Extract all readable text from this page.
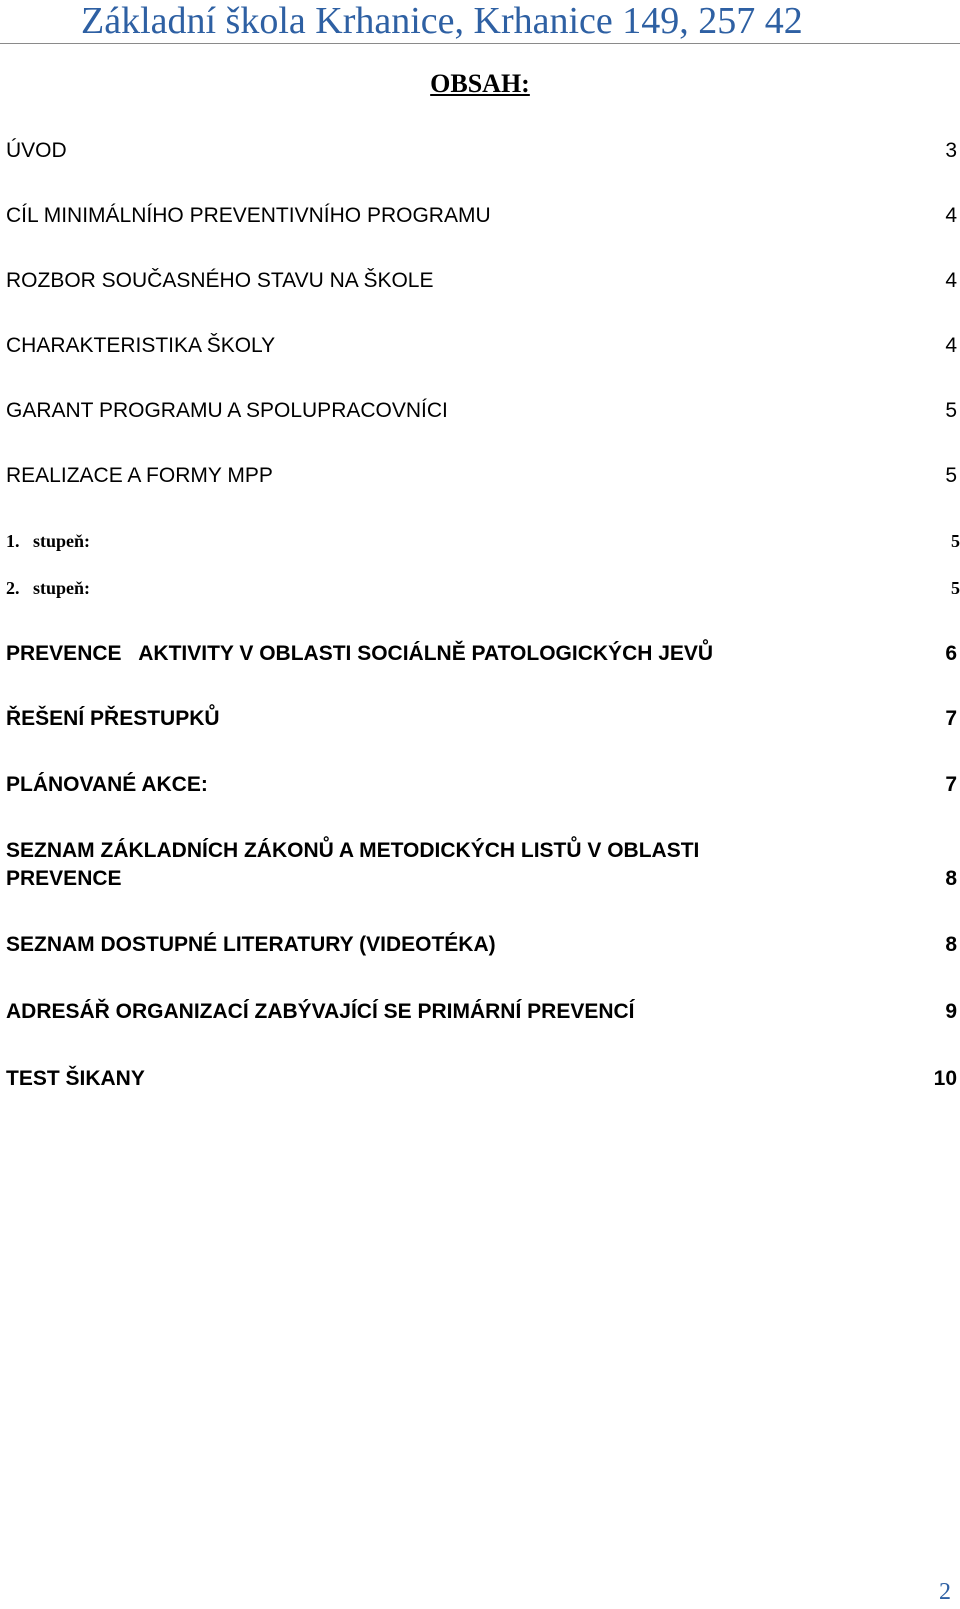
Základní škola Krhanice, Krhanice 149, 257 42
OBSAH:
ÚVOD	3
CÍL MINIMÁLNÍHO PREVENTIVNÍHO PROGRAMU	4
ROZBOR SOUČASNÉHO STAVU NA ŠKOLE	4
CHARAKTERISTIKA ŠKOLY	4
GARANT PROGRAMU A SPOLUPRACOVNÍCI	5
REALIZACE A FORMY MPP	5
1.   stupeň:	5
2.   stupeň:	5
PREVENCE   AKTIVITY V OBLASTI SOCIÁLNĚ PATOLOGICKÝCH JEVŮ	6
ŘEŠENÍ PŘESTUPKŮ	7
PLÁNOVANÉ AKCE:	7
SEZNAM ZÁKLADNÍCH ZÁKONŮ A METODICKÝCH LISTŮ V OBLASTI
PREVENCE	8
SEZNAM DOSTUPNÉ LITERATURY (VIDEOTÉKA)	8
ADRESÁŘ ORGANIZACÍ ZABÝVAJÍCÍ SE PRIMÁRNÍ PREVENCÍ	9
TEST ŠIKANY	10
2
